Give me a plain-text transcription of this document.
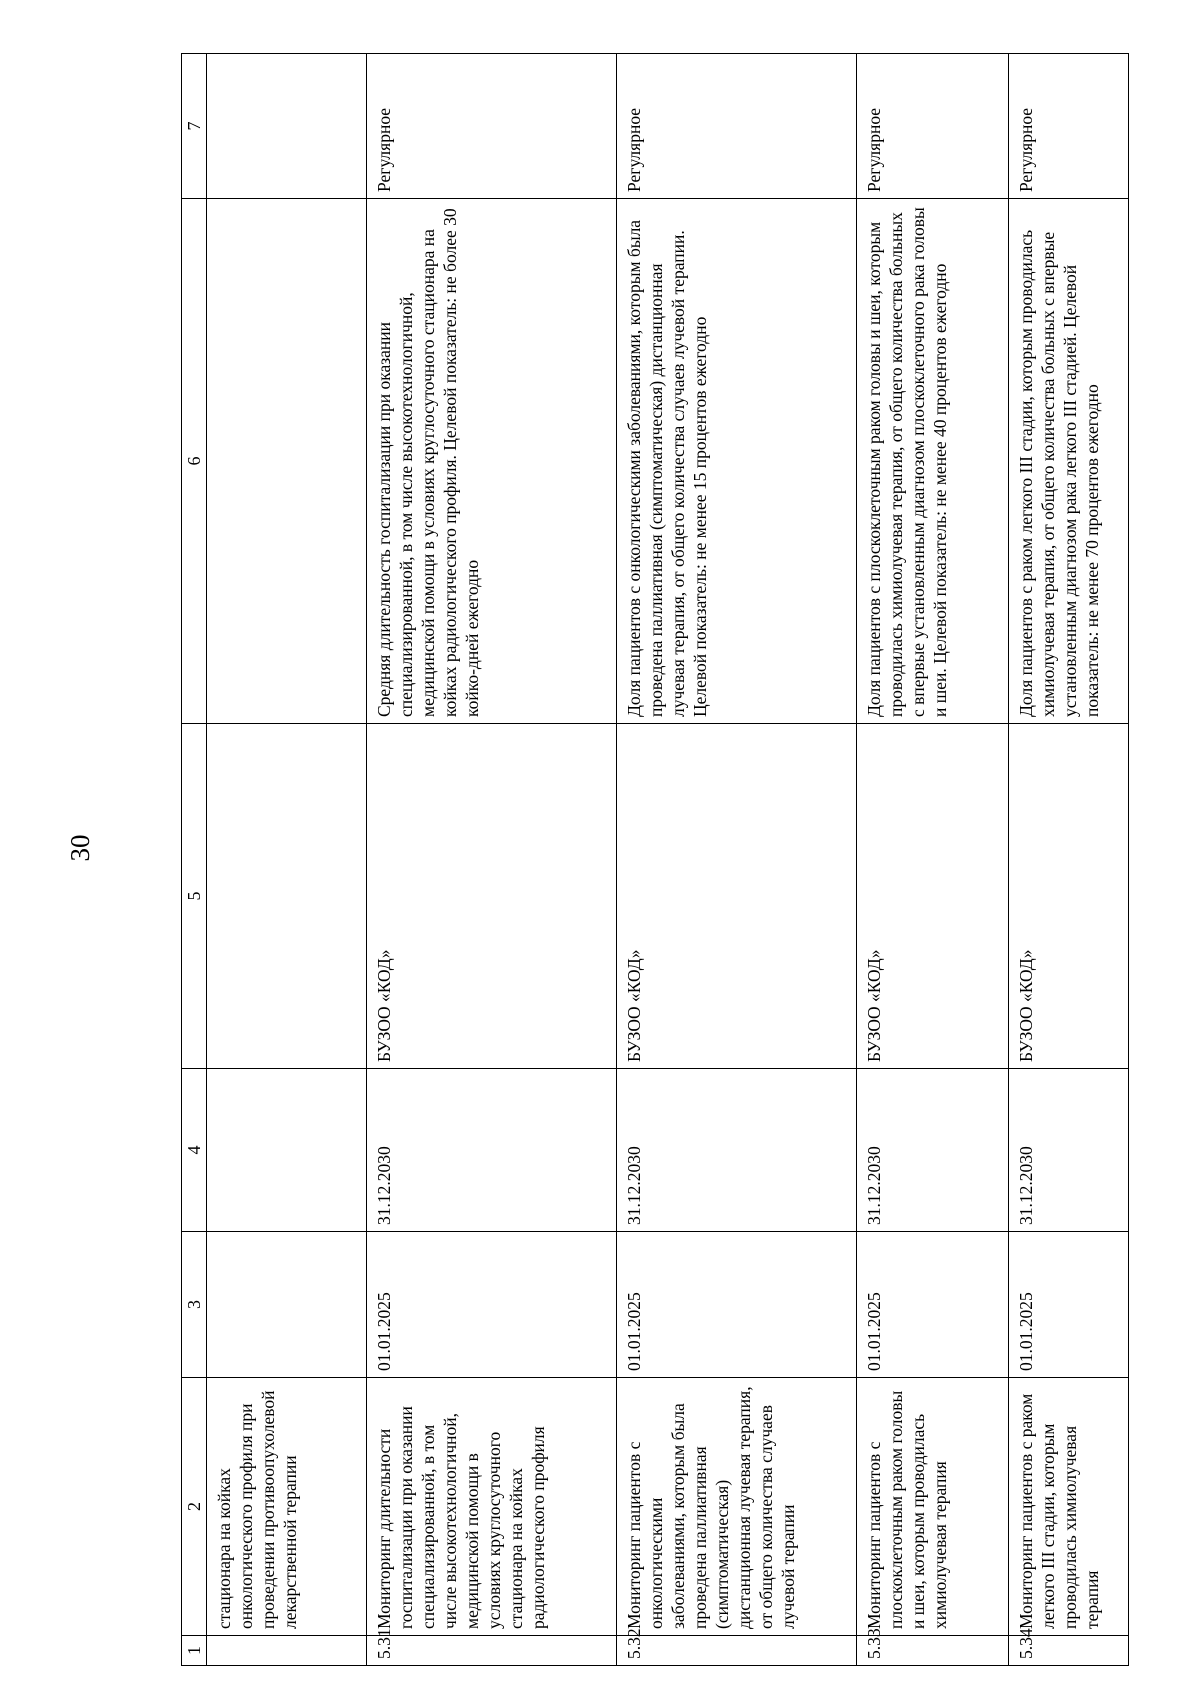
30
1	2	3	4	5	6	7
	стационара на койках онкологического профиля при проведении противоопухолевой лекарственной терапии					
5.31	Мониторинг длительности госпитализации при оказании специализированной, в том числе высокотехнологичной, медицинской помощи в условиях круглосуточного стационара на койках радиологического профиля	01.01.2025	31.12.2030	БУЗОО «КОД»	Средняя длительность госпитализации при оказании специализированной, в том числе высокотехнологичной, медицинской помощи в условиях круглосуточного стационара на койках радиологического профиля. Целевой показатель: не более 30 койко-дней ежегодно	Регулярное
5.32	Мониторинг пациентов с онкологическими заболеваниями, которым была проведена паллиативная (симптоматическая) дистанционная лучевая терапия, от общего количества случаев лучевой терапии	01.01.2025	31.12.2030	БУЗОО «КОД»	Доля пациентов с онкологическими заболеваниями, которым была проведена паллиативная (симптоматическая) дистанционная лучевая терапия, от общего количества случаев лучевой терапии. Целевой показатель: не менее 15 процентов ежегодно	Регулярное
5.33	Мониторинг пациентов с плоскоклеточным раком головы и шеи, которым проводилась химиолучевая терапия	01.01.2025	31.12.2030	БУЗОО «КОД»	Доля пациентов с плоскоклеточным раком головы и шеи, которым проводилась химиолучевая терапия, от общего количества больных с впервые установленным диагнозом плоскоклеточного рака головы и шеи. Целевой показатель: не менее 40 процентов ежегодно	Регулярное
5.34	Мониторинг пациентов с раком легкого III стадии, которым проводилась химиолучевая терапия	01.01.2025	31.12.2030	БУЗОО «КОД»	Доля пациентов с раком легкого III стадии, которым проводилась химиолучевая терапия, от общего количества больных с впервые установленным диагнозом рака легкого III стадией. Целевой показатель: не менее 70 процентов ежегодно	Регулярное
